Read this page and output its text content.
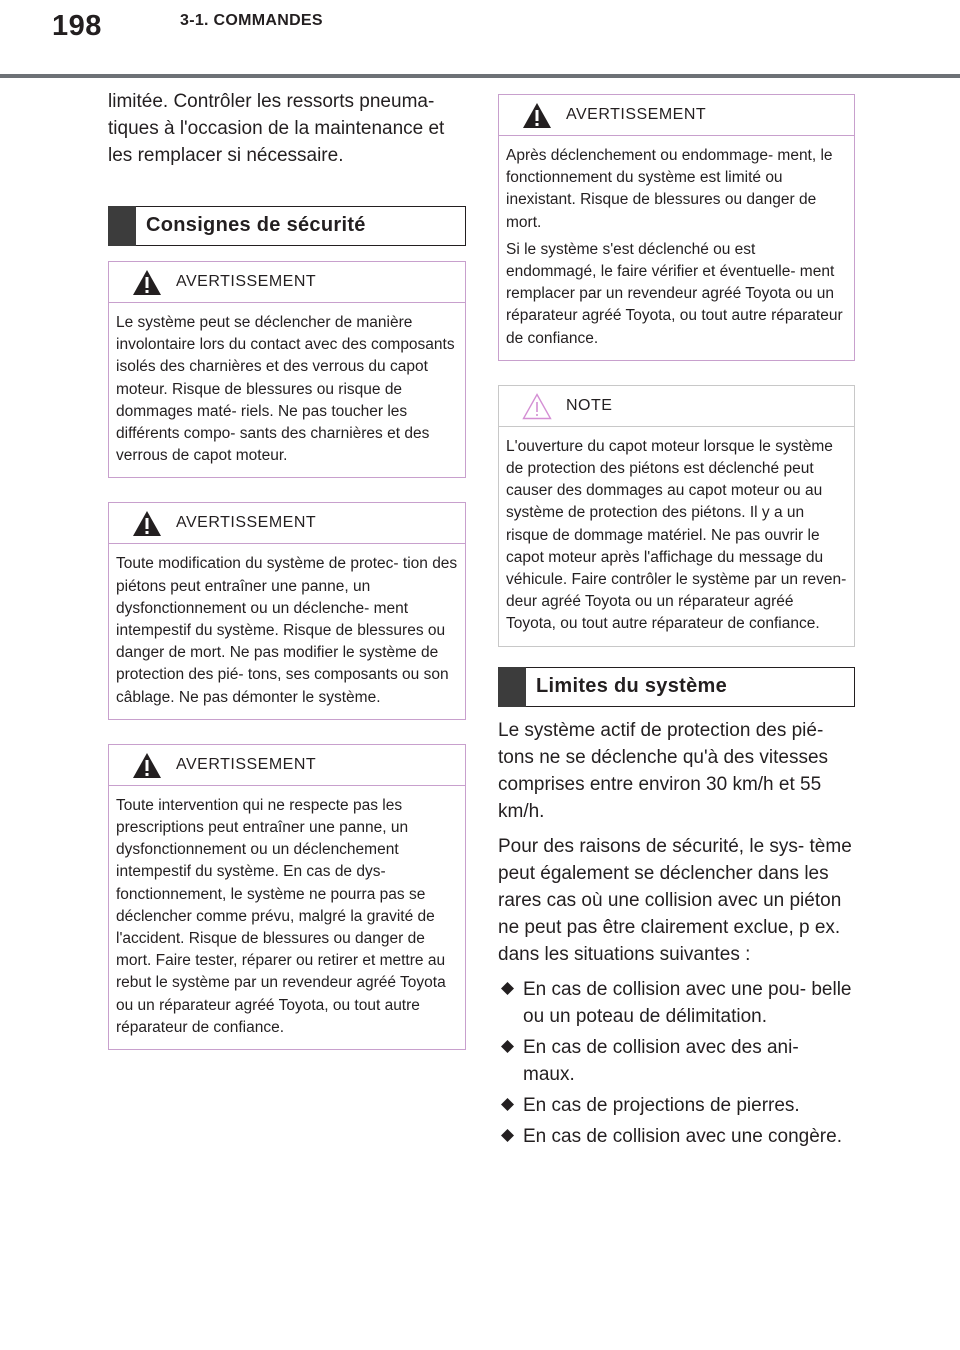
198	3-1. COMMANDES

limitée. Contrôler les ressorts pneuma- tiques à l'occasion de la maintenance et les remplacer si nécessaire.

Consignes de sécurité
AVERTISSEMENT

Le système peut se déclencher de manière involontaire lors du contact avec des composants isolés des charnières et des verrous du capot moteur. Risque de blessures ou risque de dommages maté- riels. Ne pas toucher les différents compo- sants des charnières et des verrous de capot moteur.

AVERTISSEMENT

Toute modification du système de protec- tion des piétons peut entraîner une panne, un dysfonctionnement ou un déclenche- ment intempestif du système. Risque de blessures ou danger de mort. Ne pas modifier le système de protection des pié- tons, ses composants ou son câblage. Ne pas démonter le système.

AVERTISSEMENT

Toute intervention qui ne respecte pas les prescriptions peut entraîner une panne, un dysfonctionnement ou un déclenchement intempestif du système. En cas de dys- fonctionnement, le système ne pourra pas se déclencher comme prévu, malgré la gravité de l'accident. Risque de blessures ou danger de mort. Faire tester, réparer ou retirer et mettre au rebut le système par un revendeur agréé Toyota ou un réparateur agréé Toyota, ou tout autre réparateur de confiance.

AVERTISSEMENT

Après déclenchement ou endommage- ment, le fonctionnement du système est limité ou inexistant. Risque de blessures ou danger de mort.

Si le système s'est déclenché ou est endommagé, le faire vérifier et éventuelle- ment remplacer par un revendeur agréé Toyota ou un réparateur agréé Toyota, ou tout autre réparateur de confiance.

NOTE

L'ouverture du capot moteur lorsque le système de protection des piétons est déclenché peut causer des dommages au capot moteur ou au système de protection des piétons. Il y a un risque de dommage matériel. Ne pas ouvrir le capot moteur après l'affichage du message du véhicule. Faire contrôler le système par un reven- deur agréé Toyota ou un réparateur agréé Toyota, ou tout autre réparateur de confiance.

Limites du système

Le système actif de protection des pié- tons ne se déclenche qu'à des vitesses comprises entre environ 30 km/h et 55 km/h.

Pour des raisons de sécurité, le sys- tème peut également se déclencher dans les rares cas où une collision avec un piéton ne peut pas être clairement exclue, p ex. dans les situations suivantes :

En cas de collision avec une pou- belle ou un poteau de délimitation.
En cas de collision avec des ani- maux.
En cas de projections de pierres.
En cas de collision avec une congère.
